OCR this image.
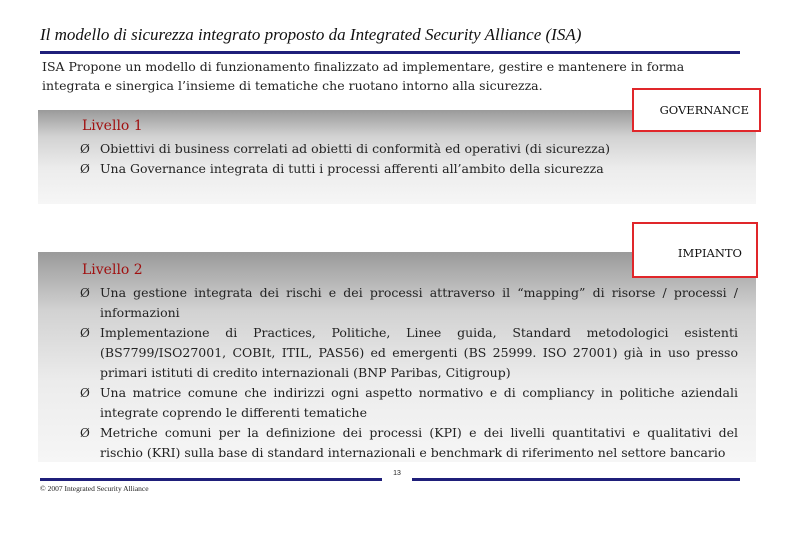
Il modello di sicurezza integrato proposto da Integrated Security Alliance (ISA)
ISA Propone un modello di funzionamento finalizzato ad implementare, gestire e mantenere in forma integrata e sinergica l’insieme di tematiche che ruotano intorno alla sicurezza.
Livello 1
Ø Obiettivi di business correlati ad obietti di conformità ed operativi (di sicurezza)
Ø Una Governance integrata di tutti i processi afferenti all’ambito della sicurezza
GOVERNANCE
Livello 2
Ø Una gestione integrata dei rischi e dei processi attraverso il “mapping” di risorse / processi / informazioni
Ø Implementazione di Practices, Politiche, Linee guida, Standard metodologici esistenti (BS7799/ISO27001, COBIt, ITIL, PAS56) ed emergenti (BS 25999. ISO 27001) già in uso presso primari istituti di credito internazionali (BNP Paribas, Citigroup)
Ø Una matrice comune che indirizzi ogni aspetto normativo e di compliancy in politiche aziendali integrate coprendo le differenti tematiche
Ø Metriche comuni per la definizione dei processi (KPI) e dei livelli quantitativi e qualitativi del rischio (KRI) sulla base di standard internazionali e benchmark di riferimento nel settore bancario
IMPIANTO
13
© 2007 Integrated Security Alliance
